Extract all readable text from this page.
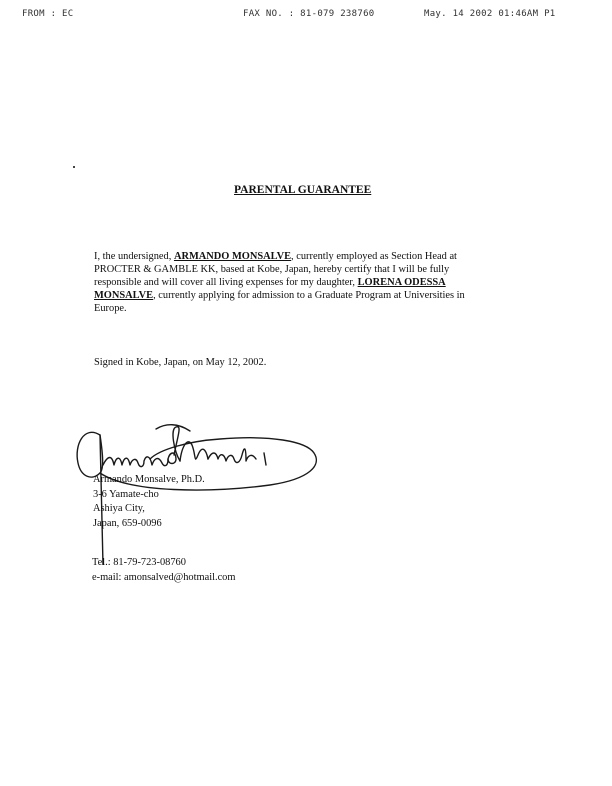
FROM : EC	FAX NO. : 81-079 238760	May. 14 2002 01:46AM P1
PARENTAL GUARANTEE
I, the undersigned, ARMANDO MONSALVE, currently employed as Section Head at
PROCTER & GAMBLE KK, based at Kobe, Japan, hereby certify that I will be fully
responsible and will cover all living expenses for my daughter, LORENA ODESSA
MONSALVE, currently applying for admission to a Graduate Program at Universities in
Europe.
Signed in Kobe, Japan, on May 12, 2002.
Armando Monsalve, Ph.D.
3-6 Yamate-cho
Ashiya City,
Japan, 659-0096
Tel.: 81-79-723-08760
e-mail: amonsalved@hotmail.com
